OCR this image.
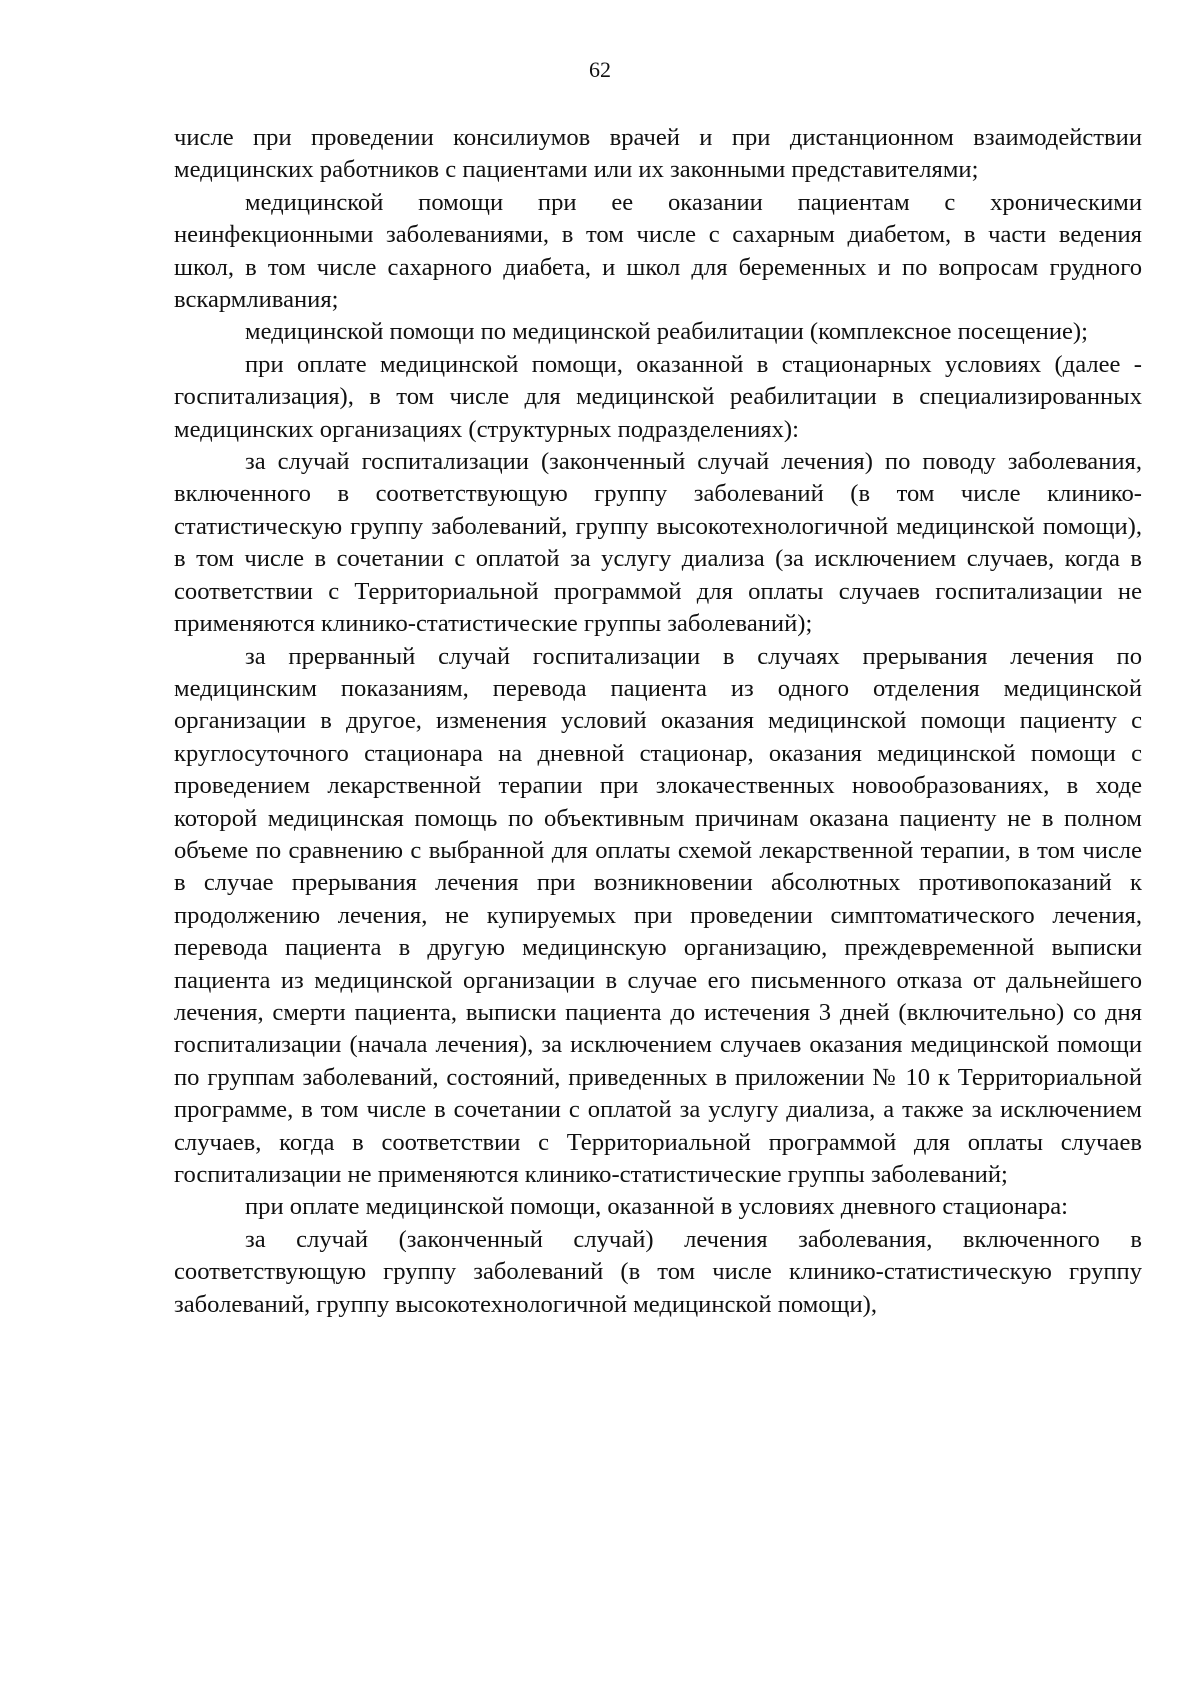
62

числе при проведении консилиумов врачей и при дистанционном взаимодействии медицинских работников с пациентами или их законными представителями;

медицинской помощи при ее оказании пациентам с хроническими неинфекционными заболеваниями, в том числе с сахарным диабетом, в части ведения школ, в том числе сахарного диабета, и школ для беременных и по вопросам грудного вскармливания;

медицинской помощи по медицинской реабилитации (комплексное посещение);

при оплате медицинской помощи, оказанной в стационарных условиях (далее - госпитализация), в том числе для медицинской реабилитации в специализированных медицинских организациях (структурных подразделениях):

за случай госпитализации (законченный случай лечения) по поводу заболевания, включенного в соответствующую группу заболеваний (в том числе клинико-статистическую группу заболеваний, группу высокотехнологичной медицинской помощи), в том числе в сочетании с оплатой за услугу диализа (за исключением случаев, когда в соответствии с Территориальной программой для оплаты случаев госпитализации не применяются клинико-статистические группы заболеваний);

за прерванный случай госпитализации в случаях прерывания лечения по медицинским показаниям, перевода пациента из одного отделения медицинской организации в другое, изменения условий оказания медицинской помощи пациенту с круглосуточного стационара на дневной стационар, оказания медицинской помощи с проведением лекарственной терапии при злокачественных новообразованиях, в ходе которой медицинская помощь по объективным причинам оказана пациенту не в полном объеме по сравнению с выбранной для оплаты схемой лекарственной терапии, в том числе в случае прерывания лечения при возникновении абсолютных противопоказаний к продолжению лечения, не купируемых при проведении симптоматического лечения, перевода пациента в другую медицинскую организацию, преждевременной выписки пациента из медицинской организации в случае его письменного отказа от дальнейшего лечения, смерти пациента, выписки пациента до истечения 3 дней (включительно) со дня госпитализации (начала лечения), за исключением случаев оказания медицинской помощи по группам заболеваний, состояний, приведенных в приложении № 10 к Территориальной программе, в том числе в сочетании с оплатой за услугу диализа, а также за исключением случаев, когда в соответствии с Территориальной программой для оплаты случаев госпитализации не применяются клинико-статистические группы заболеваний;

при оплате медицинской помощи, оказанной в условиях дневного стационара:

за случай (законченный случай) лечения заболевания, включенного в соответствующую группу заболеваний (в том числе клинико-статистическую группу заболеваний, группу высокотехнологичной медицинской помощи),
